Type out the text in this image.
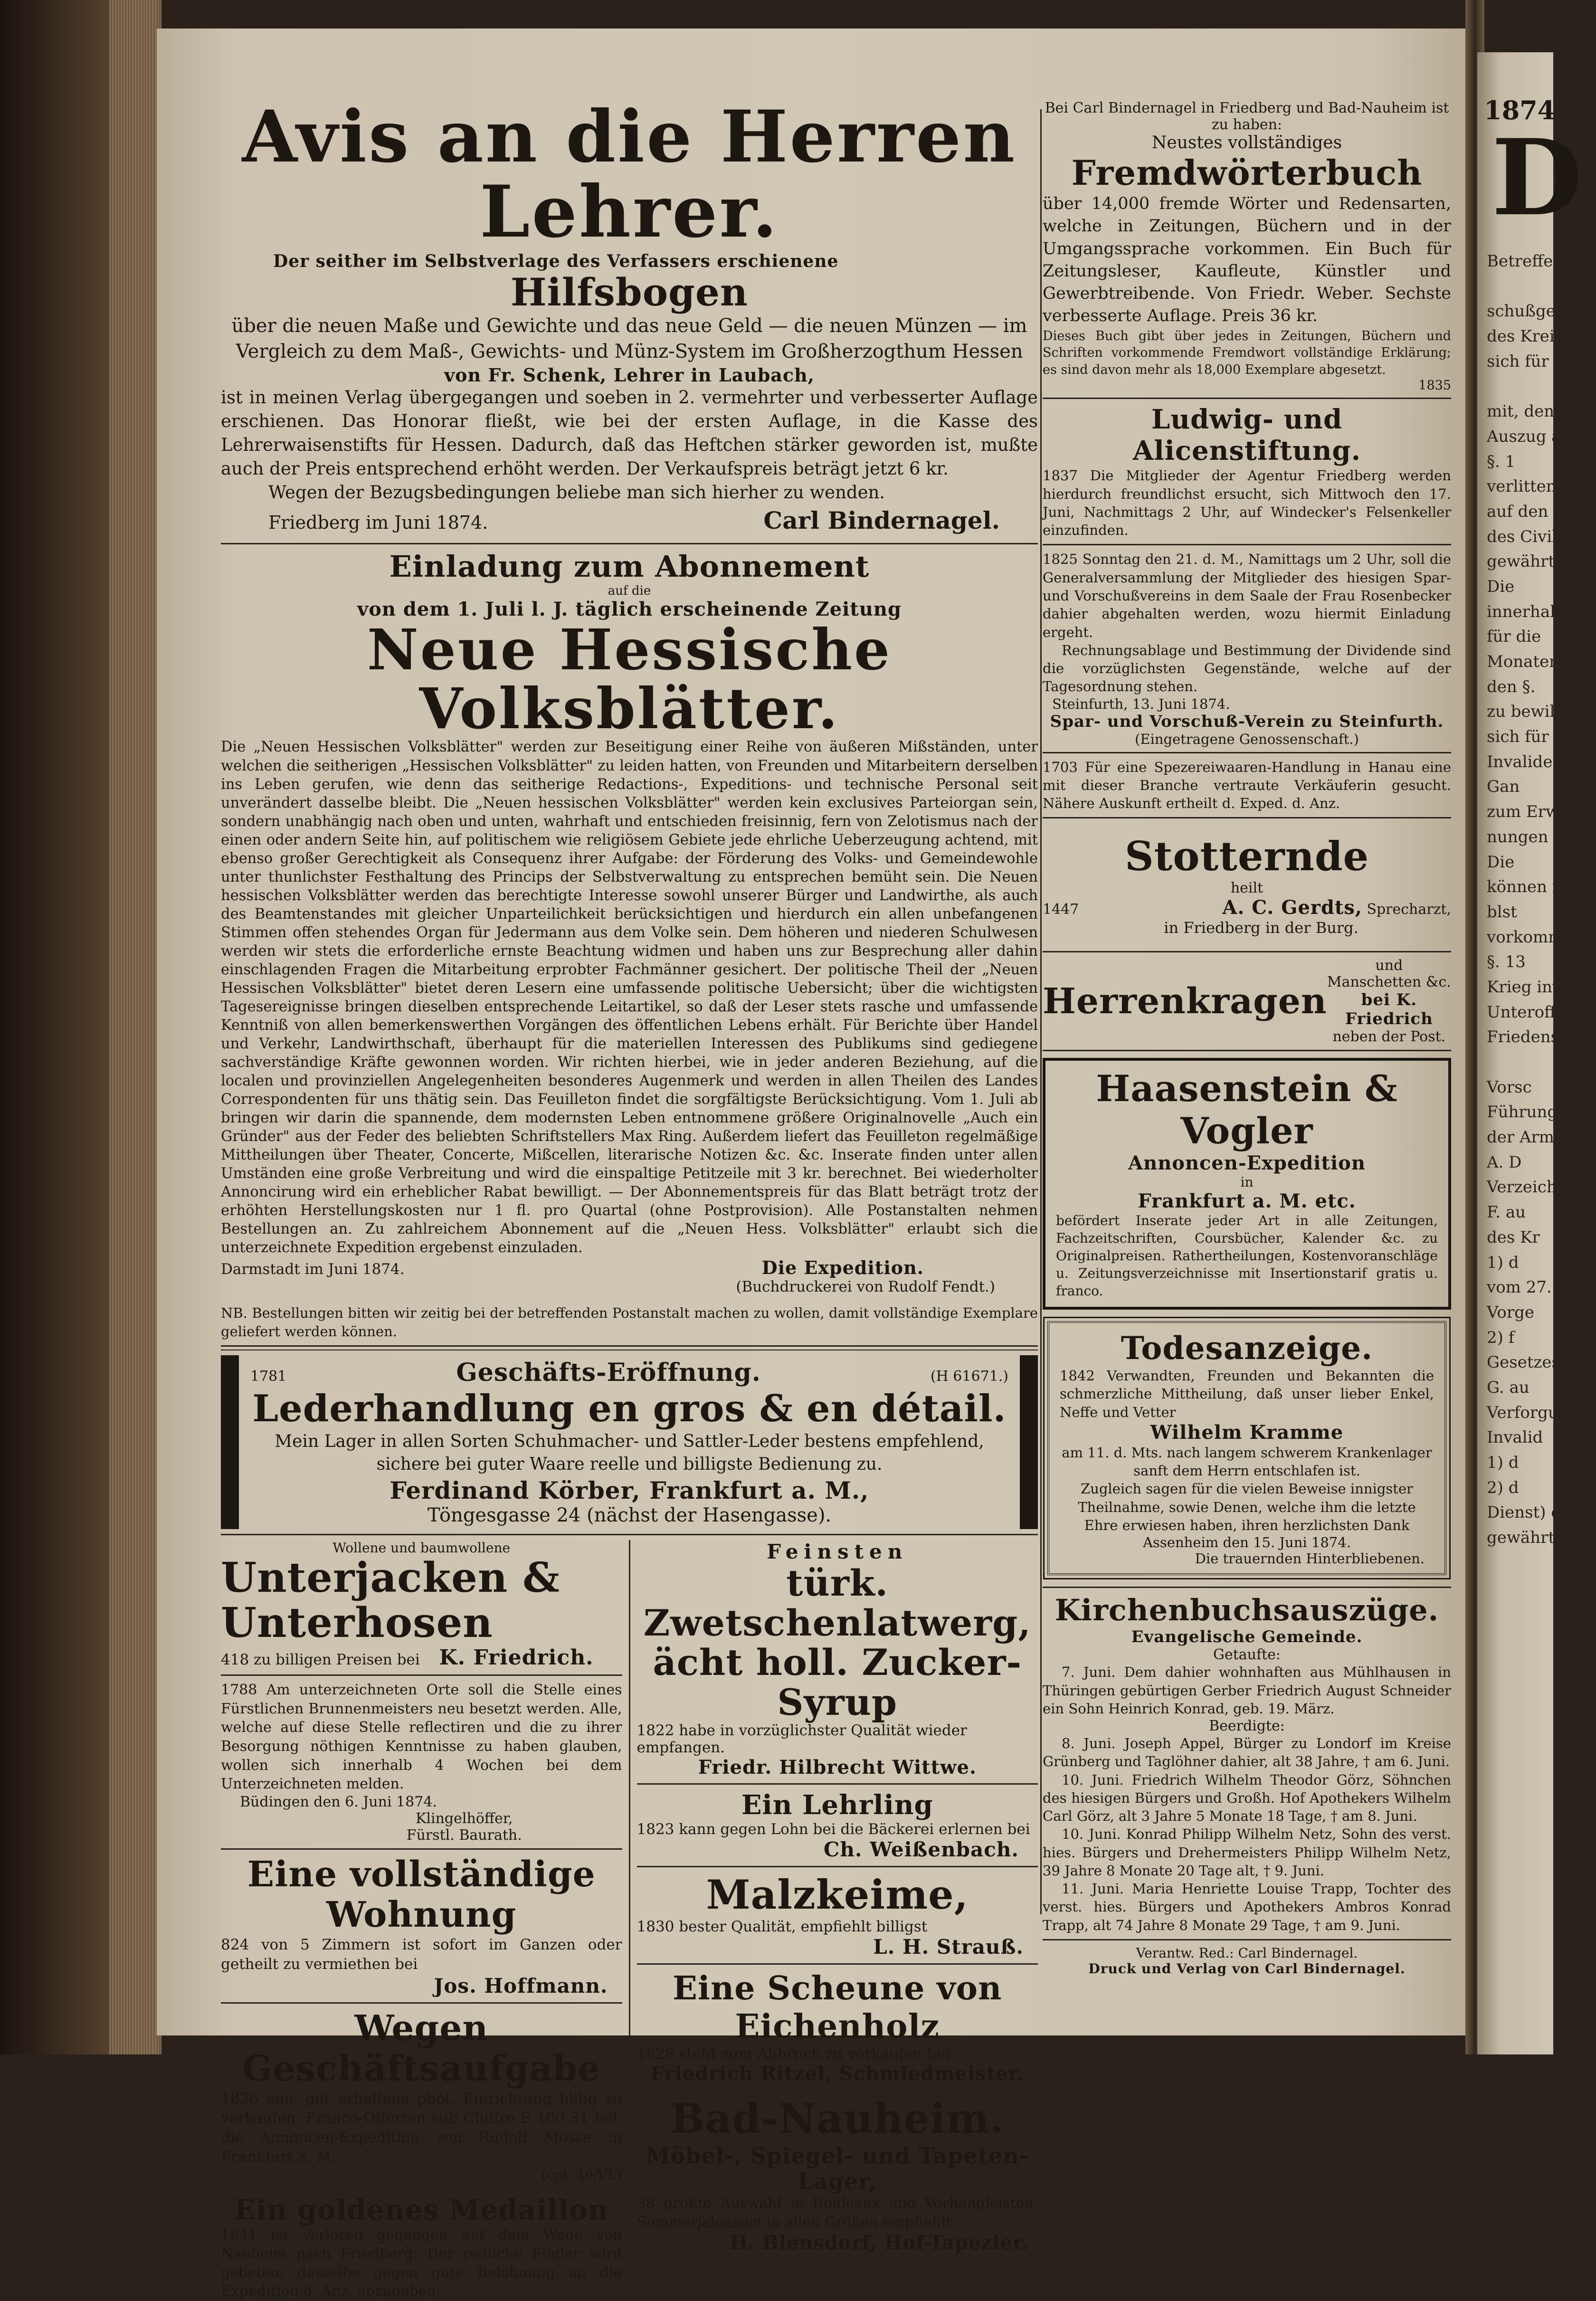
1874
D
Betreffe

schußgebote
des Kreisbl
sich für den

mit, den be
Auszug au
§. 1
verlittene D
auf den G
des Civilb
gewährt (
Die
innerhalb
für die
Monaten
den §.
zu bewillig
sich für
Invaliden
Gan
zum Erwer
nungen obl
Die
können mi
blst
vorkommen
§. 13
Krieg inval
Unteroffizi
Friedensschl

Vorsc
Führungsbeh
der Armee
A. D
Verzeichnis
F. au
des Kr
1) d
vom 27. J
Vorge
2) f
Gesetzes ein
G. au
Verforgung
Invalid
1) d
2) d
Dienst) ob
gewährt
Avis an die Herren Lehrer.
Der seither im Selbstverlage des Verfassers erschienene
Hilfsbogen
über die neuen Maße und Gewichte und das neue Geld — die neuen Münzen — im Vergleich zu dem Maß-, Gewichts- und Münz-System im Großherzogthum Hessen
von Fr. Schenk, Lehrer in Laubach,
ist in meinen Verlag übergegangen und soeben in 2. vermehrter und verbesserter Auflage erschienen. Das Honorar fließt, wie bei der ersten Auflage, in die Kasse des Lehrerwaisenstifts für Hessen. Dadurch, daß das Heftchen stärker geworden ist, mußte auch der Preis entsprechend erhöht werden. Der Verkaufspreis beträgt jetzt 6 kr.
Wegen der Bezugsbedingungen beliebe man sich hierher zu wenden.
Friedberg im Juni 1874.	Carl Bindernagel.
Einladung zum Abonnement
auf die
von dem 1. Juli l. J. täglich erscheinende Zeitung
Neue Hessische Volksblätter.
Die „Neuen Hessischen Volksblätter" werden zur Beseitigung einer Reihe von äußeren Mißständen, unter welchen die seitherigen „Hessischen Volksblätter" zu leiden hatten, von Freunden und Mitarbeitern derselben ins Leben gerufen, wie denn das seitherige Redactions-, Expeditions- und technische Personal seit unverändert dasselbe bleibt. Die „Neuen hessischen Volksblätter" werden kein exclusives Parteiorgan sein, sondern unabhängig nach oben und unten, wahrhaft und entschieden freisinnig, fern von Zelotismus nach der einen oder andern Seite hin, auf politischem wie religiösem Gebiete jede ehrliche Ueberzeugung achtend, mit ebenso großer Gerechtigkeit als Consequenz ihrer Aufgabe: der Förderung des Volks- und Gemeindewohle unter thunlichster Festhaltung des Princips der Selbstverwaltung zu entsprechen bemüht sein. Die Neuen hessischen Volksblätter werden das berechtigte Interesse sowohl unserer Bürger und Landwirthe, als auch des Beamtenstandes mit gleicher Unparteilichkeit berücksichtigen und hierdurch ein allen unbefangenen Stimmen offen stehendes Organ für Jedermann aus dem Volke sein. Dem höheren und niederen Schulwesen werden wir stets die erforderliche ernste Beachtung widmen und haben uns zur Besprechung aller dahin einschlagenden Fragen die Mitarbeitung erprobter Fachmänner gesichert. Der politische Theil der „Neuen Hessischen Volksblätter" bietet deren Lesern eine umfassende politische Uebersicht; über die wichtigsten Tagesereignisse bringen dieselben entsprechende Leitartikel, so daß der Leser stets rasche und umfassende Kenntniß von allen bemerkenswerthen Vorgängen des öffentlichen Lebens erhält. Für Berichte über Handel und Verkehr, Landwirthschaft, überhaupt für die materiellen Interessen des Publikums sind gediegene sachverständige Kräfte gewonnen worden. Wir richten hierbei, wie in jeder anderen Beziehung, auf die localen und provinziellen Angelegenheiten besonderes Augenmerk und werden in allen Theilen des Landes Correspondenten für uns thätig sein. Das Feuilleton findet die sorgfältigste Berücksichtigung. Vom 1. Juli ab bringen wir darin die spannende, dem modernsten Leben entnommene größere Originalnovelle „Auch ein Gründer" aus der Feder des beliebten Schriftstellers Max Ring. Außerdem liefert das Feuilleton regelmäßige Mittheilungen über Theater, Concerte, Mißcellen, literarische Notizen &c. &c. Inserate finden unter allen Umständen eine große Verbreitung und wird die einspaltige Petitzeile mit 3 kr. berechnet. Bei wiederholter Annoncirung wird ein erheblicher Rabat bewilligt. — Der Abonnementspreis für das Blatt beträgt trotz der erhöhten Herstellungskosten nur 1 fl. pro Quartal (ohne Postprovision). Alle Postanstalten nehmen Bestellungen an. Zu zahlreichem Abonnement auf die „Neuen Hess. Volksblätter" erlaubt sich die unterzeichnete Expedition ergebenst einzuladen.
Darmstadt im Juni 1874.	Die Expedition.
(Buchdruckerei von Rudolf Fendt.)
NB. Bestellungen bitten wir zeitig bei der betreffenden Postanstalt machen zu wollen, damit vollständige Exemplare geliefert werden können.
1781	Geschäfts-Eröffnung.	(H 61671.)
Lederhandlung en gros & en détail.
Mein Lager in allen Sorten Schuhmacher- und Sattler-Leder bestens empfehlend, sichere bei guter Waare reelle und billigste Bedienung zu.
Ferdinand Körber, Frankfurt a. M.,
Töngesgasse 24 (nächst der Hasengasse).
Wollene und baumwollene
Unterjacken & Unterhosen
418 zu billigen Preisen bei K. Friedrich.
1788 Am unterzeichneten Orte soll die Stelle eines Fürstlichen Brunnenmeisters neu besetzt werden. Alle, welche auf diese Stelle reflectiren und die zu ihrer Besorgung nöthigen Kenntnisse zu haben glauben, wollen sich innerhalb 4 Wochen bei dem Unterzeichneten melden.
Büdingen den 6. Juni 1874.
Klingelhöffer,
Fürstl. Baurath.
Eine vollständige Wohnung
824 von 5 Zimmern ist sofort im Ganzen oder getheilt zu vermiethen bei
Jos. Hoffmann.
Wegen Geschäftsaufgabe
1826 eine gut erhaltene phot. Einrichtung billig zu verkaufen. Franco-Offerten sub Chiffre E 100 31 bef. die Annoncen-Expedition von Rudolf Mosse in Frankfurt a. M.
(cpt. 49/VI.)
Ein goldenes Medaillon
1841 ist verloren gegangen auf dem Wege von Nauheim nach Friedberg. Der redliche Finder wird gebeten, dasselbe gegen gute Belohnung an die Expedition d. Anz. abzugeben.
Feinsten
türk. Zwetschenlatwerg,
ächt holl. Zucker-Syrup
1822 habe in vorzüglichster Qualität wieder empfangen.
Friedr. Hilbrecht Wittwe.
Ein Lehrling
1823 kann gegen Lohn bei die Bäckerei erlernen bei
Ch. Weißenbach.
Malzkeime,
1830 bester Qualität, empfiehlt billigst
L. H. Strauß.
Eine Scheune von Eichenholz
1828 steht zum Abbruch zu verkaufen bei
Friedrich Ritzel, Schmiedmeister.
Bad-Nauheim.
Möbel-, Spiegel- und Tapeten-Lager,
38 größte Auswahl in Rouleaux und Vorhangleisten, Sommerjalousien in allen Größen empfiehlt
H. Blensdorf, Hof-Tapezier.
Bei Carl Bindernagel in Friedberg und Bad-Nauheim ist zu haben:
Neustes vollständiges
Fremdwörterbuch
über 14,000 fremde Wörter und Redensarten, welche in Zeitungen, Büchern und in der Umgangssprache vorkommen. Ein Buch für Zeitungsleser, Kaufleute, Künstler und Gewerbtreibende. Von Friedr. Weber. Sechste verbesserte Auflage. Preis 36 kr.
Dieses Buch gibt über jedes in Zeitungen, Büchern und Schriften vorkommende Fremdwort vollständige Erklärung; es sind davon mehr als 18,000 Exemplare abgesetzt.
1835
Ludwig- und Alicenstiftung.
1837 Die Mitglieder der Agentur Friedberg werden hierdurch freundlichst ersucht, sich Mittwoch den 17. Juni, Nachmittags 2 Uhr, auf Windecker's Felsenkeller einzufinden.
1825 Sonntag den 21. d. M., Namittags um 2 Uhr, soll die Generalversammlung der Mitglieder des hiesigen Spar- und Vorschußvereins in dem Saale der Frau Rosenbecker dahier abgehalten werden, wozu hiermit Einladung ergeht.
Rechnungsablage und Bestimmung der Dividende sind die vorzüglichsten Gegenstände, welche auf der Tagesordnung stehen.
Steinfurth, 13. Juni 1874.
Spar- und Vorschuß-Verein zu Steinfurth.
(Eingetragene Genossenschaft.)
1703 Für eine Spezereiwaaren-Handlung in Hanau eine mit dieser Branche vertraute Verkäuferin gesucht. Nähere Auskunft ertheilt d. Exped. d. Anz.
Stotternde
heilt
1447	A. C. Gerdts, Sprecharzt,
in Friedberg in der Burg.
Herrenkragen
und Manschetten &c.
bei K. Friedrich
neben der Post.
Haasenstein & Vogler
Annoncen-Expedition
in
Frankfurt a. M. etc.
befördert Inserate jeder Art in alle Zeitungen, Fachzeitschriften, Coursbücher, Kalender &c. zu Originalpreisen. Rathertheilungen, Kostenvoranschläge u. Zeitungsverzeichnisse mit Insertionstarif gratis u. franco.
Todesanzeige.
1842 Verwandten, Freunden und Bekannten die schmerzliche Mittheilung, daß unser lieber Enkel, Neffe und Vetter
Wilhelm Kramme
am 11. d. Mts. nach langem schwerem Krankenlager sanft dem Herrn entschlafen ist.
Zugleich sagen für die vielen Beweise innigster Theilnahme, sowie Denen, welche ihm die letzte Ehre erwiesen haben, ihren herzlichsten Dank
Assenheim den 15. Juni 1874.
Die trauernden Hinterbliebenen.
Kirchenbuchsauszüge.
Evangelische Gemeinde.
Getaufte:
7. Juni. Dem dahier wohnhaften aus Mühlhausen in Thüringen gebürtigen Gerber Friedrich August Schneider ein Sohn Heinrich Konrad, geb. 19. März.
Beerdigte:
8. Juni. Joseph Appel, Bürger zu Londorf im Kreise Grünberg und Taglöhner dahier, alt 38 Jahre, † am 6. Juni.
10. Juni. Friedrich Wilhelm Theodor Görz, Söhnchen des hiesigen Bürgers und Großh. Hof Apothekers Wilhelm Carl Görz, alt 3 Jahre 5 Monate 18 Tage, † am 8. Juni.
10. Juni. Konrad Philipp Wilhelm Netz, Sohn des verst. hies. Bürgers und Drehermeisters Philipp Wilhelm Netz, 39 Jahre 8 Monate 20 Tage alt, † 9. Juni.
11. Juni. Maria Henriette Louise Trapp, Tochter des verst. hies. Bürgers und Apothekers Ambros Konrad Trapp, alt 74 Jahre 8 Monate 29 Tage, † am 9. Juni.
Verantw. Red.: Carl Bindernagel.
Druck und Verlag von Carl Bindernagel.
